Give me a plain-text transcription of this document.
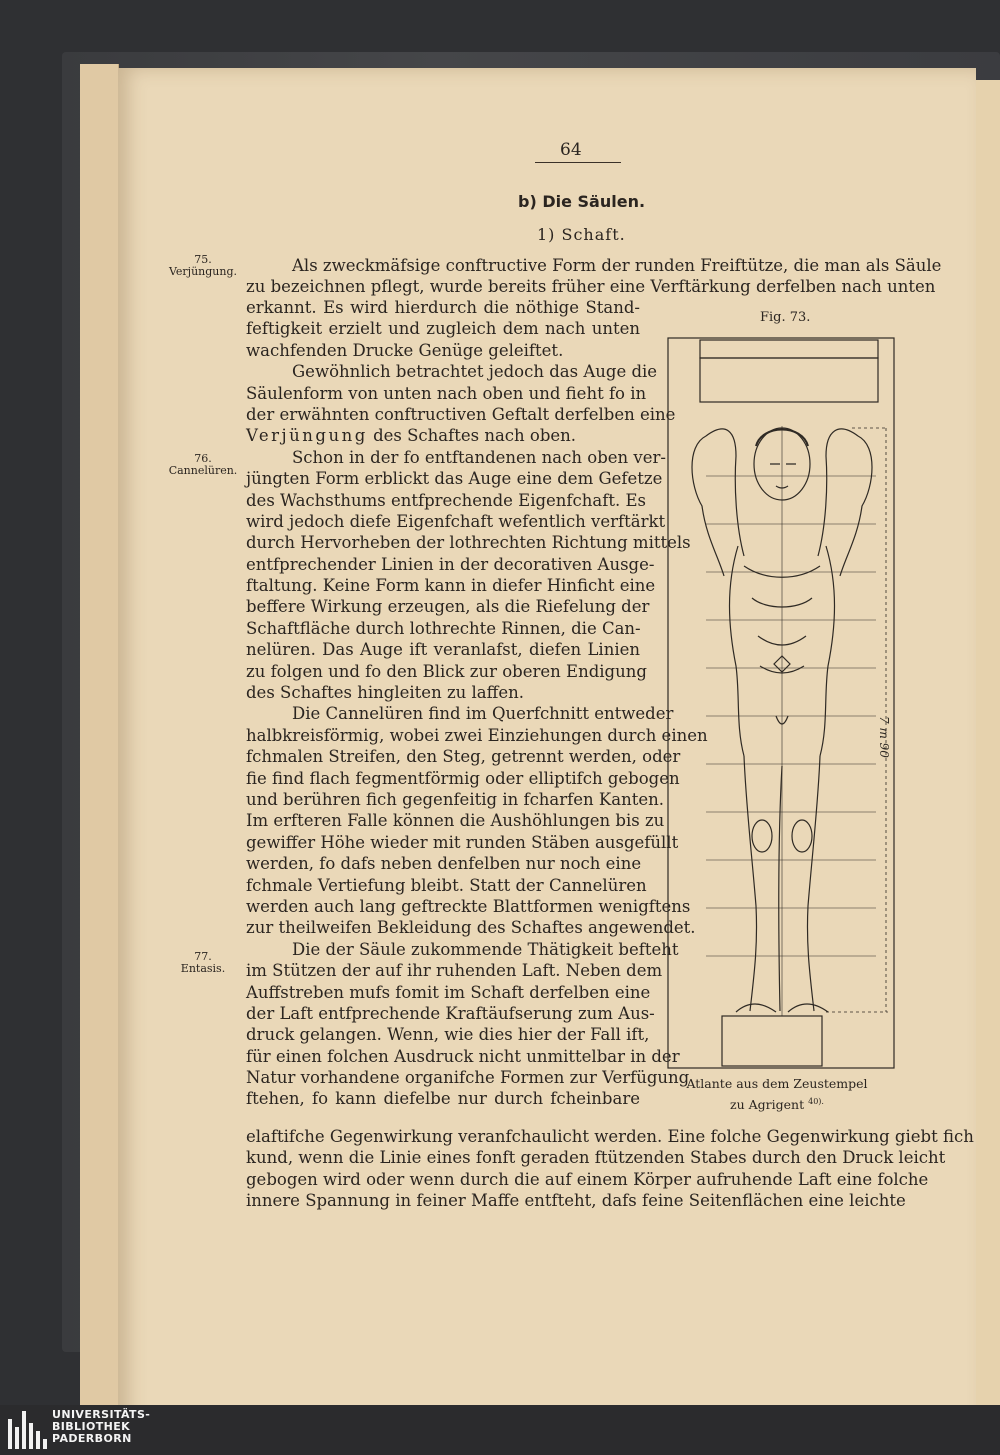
64
b) Die Säulen.
1) Schaft.
75.
Verjüngung.
76.
Cannelüren.
77.
Entasis.
Als zweckmäfsige conftructive Form der runden Freiftütze, die man als Säule
zu bezeichnen pflegt, wurde bereits früher eine Verftärkung derfelben nach unten
erkannt. Es wird hierdurch die nöthige Stand-
feftigkeit erzielt und zugleich dem nach unten
wachfenden Drucke Genüge geleiftet.
Gewöhnlich betrachtet jedoch das Auge die
Säulenform von unten nach oben und fieht fo in
der erwähnten conftructiven Geftalt derfelben eine
Verjüngung des Schaftes nach oben.
Schon in der fo entftandenen nach oben ver-
jüngten Form erblickt das Auge eine dem Gefetze
des Wachsthums entfprechende Eigenfchaft. Es
wird jedoch diefe Eigenfchaft wefentlich verftärkt
durch Hervorheben der lothrechten Richtung mittels
entfprechender Linien in der decorativen Ausge-
ftaltung. Keine Form kann in diefer Hinficht eine
beffere Wirkung erzeugen, als die Riefelung der
Schaftfläche durch lothrechte Rinnen, die Can-
nelüren. Das Auge ift veranlafst, diefen Linien
zu folgen und fo den Blick zur oberen Endigung
des Schaftes hingleiten zu laffen.
Die Cannelüren find im Querfchnitt entweder
halbkreisförmig, wobei zwei Einziehungen durch einen
fchmalen Streifen, den Steg, getrennt werden, oder
fie find flach fegmentförmig oder elliptifch gebogen
und berühren fich gegenfeitig in fcharfen Kanten.
Im erfteren Falle können die Aushöhlungen bis zu
gewiffer Höhe wieder mit runden Stäben ausgefüllt
werden, fo dafs neben denfelben nur noch eine
fchmale Vertiefung bleibt. Statt der Cannelüren
werden auch lang geftreckte Blattformen wenigftens
zur theilweifen Bekleidung des Schaftes angewendet.
Die der Säule zukommende Thätigkeit befteht
im Stützen der auf ihr ruhenden Laft. Neben dem
Auffstreben mufs fomit im Schaft derfelben eine
der Laft entfprechende Kraftäufserung zum Aus-
druck gelangen. Wenn, wie dies hier der Fall ift,
für einen folchen Ausdruck nicht unmittelbar in der
Natur vorhandene organifche Formen zur Verfügung
ftehen, fo kann diefelbe nur durch fcheinbare
elaftifche Gegenwirkung veranfchaulicht werden. Eine folche Gegenwirkung giebt fich
kund, wenn die Linie eines fonft geraden ftützenden Stabes durch den Druck leicht
gebogen wird oder wenn durch die auf einem Körper aufruhende Laft eine folche
innere Spannung in feiner Maffe entfteht, dafs feine Seitenflächen eine leichte
Fig. 73.
7 m 90
Atlante aus dem Zeustempel
zu Agrigent $^{40).}$
UNIVERSITÄTS-
BIBLIOTHEK
PADERBORN
